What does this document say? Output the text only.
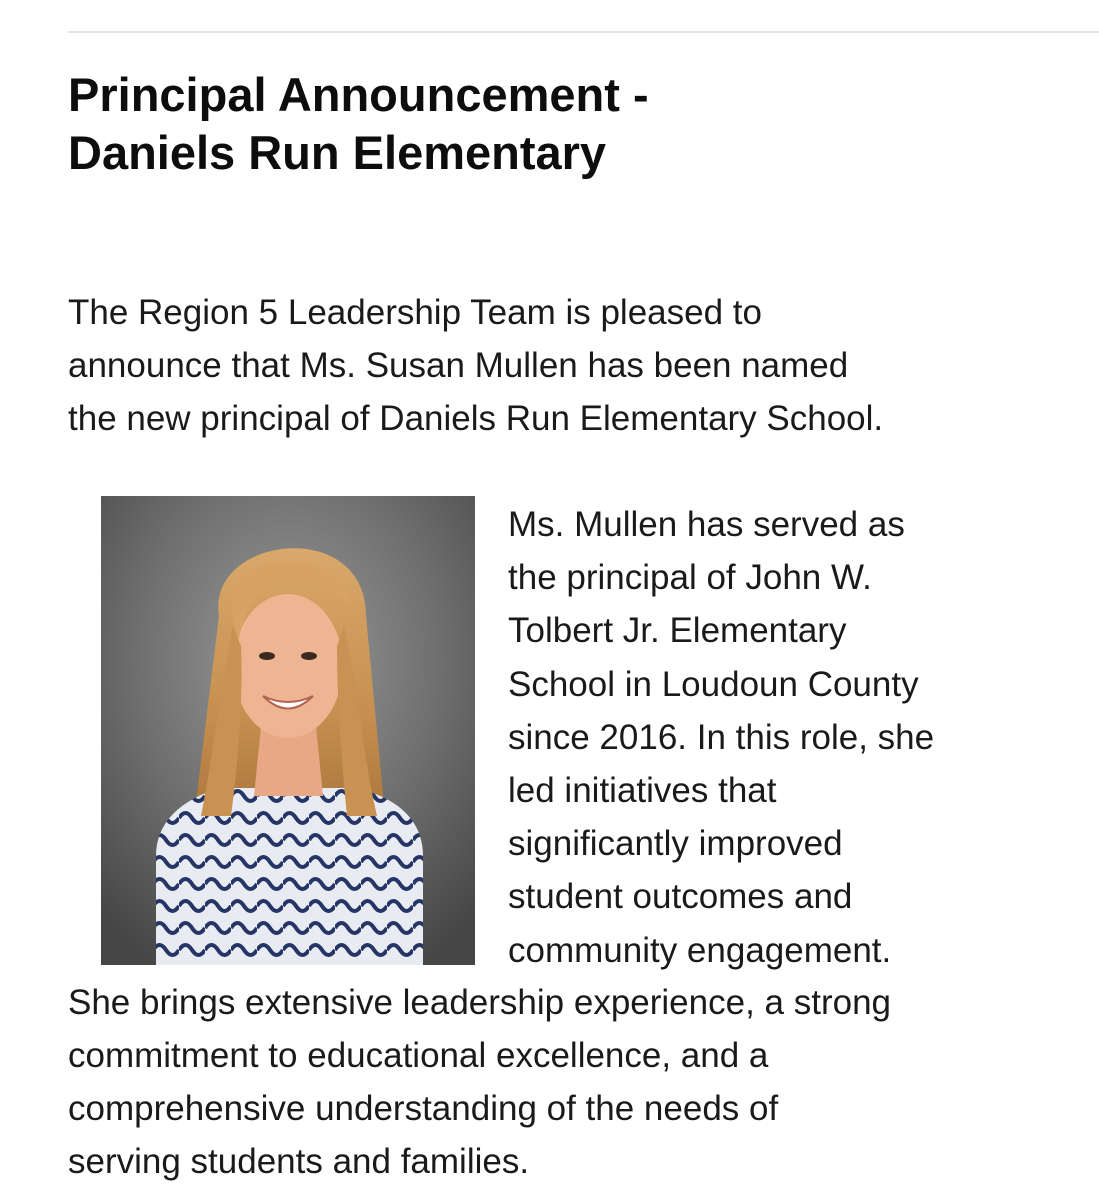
Principal Announcement -
Daniels Run Elementary

The Region 5 Leadership Team is pleased to
announce that Ms. Susan Mullen has been named
the new principal of Daniels Run Elementary School.

Ms. Mullen has served as
the principal of John W.
Tolbert Jr. Elementary
School in Loudoun County
since 2016. In this role, she
led initiatives that
significantly improved
student outcomes and
community engagement.

She brings extensive leadership experience, a strong
commitment to educational excellence, and a
comprehensive understanding of the needs of
serving students and families.
